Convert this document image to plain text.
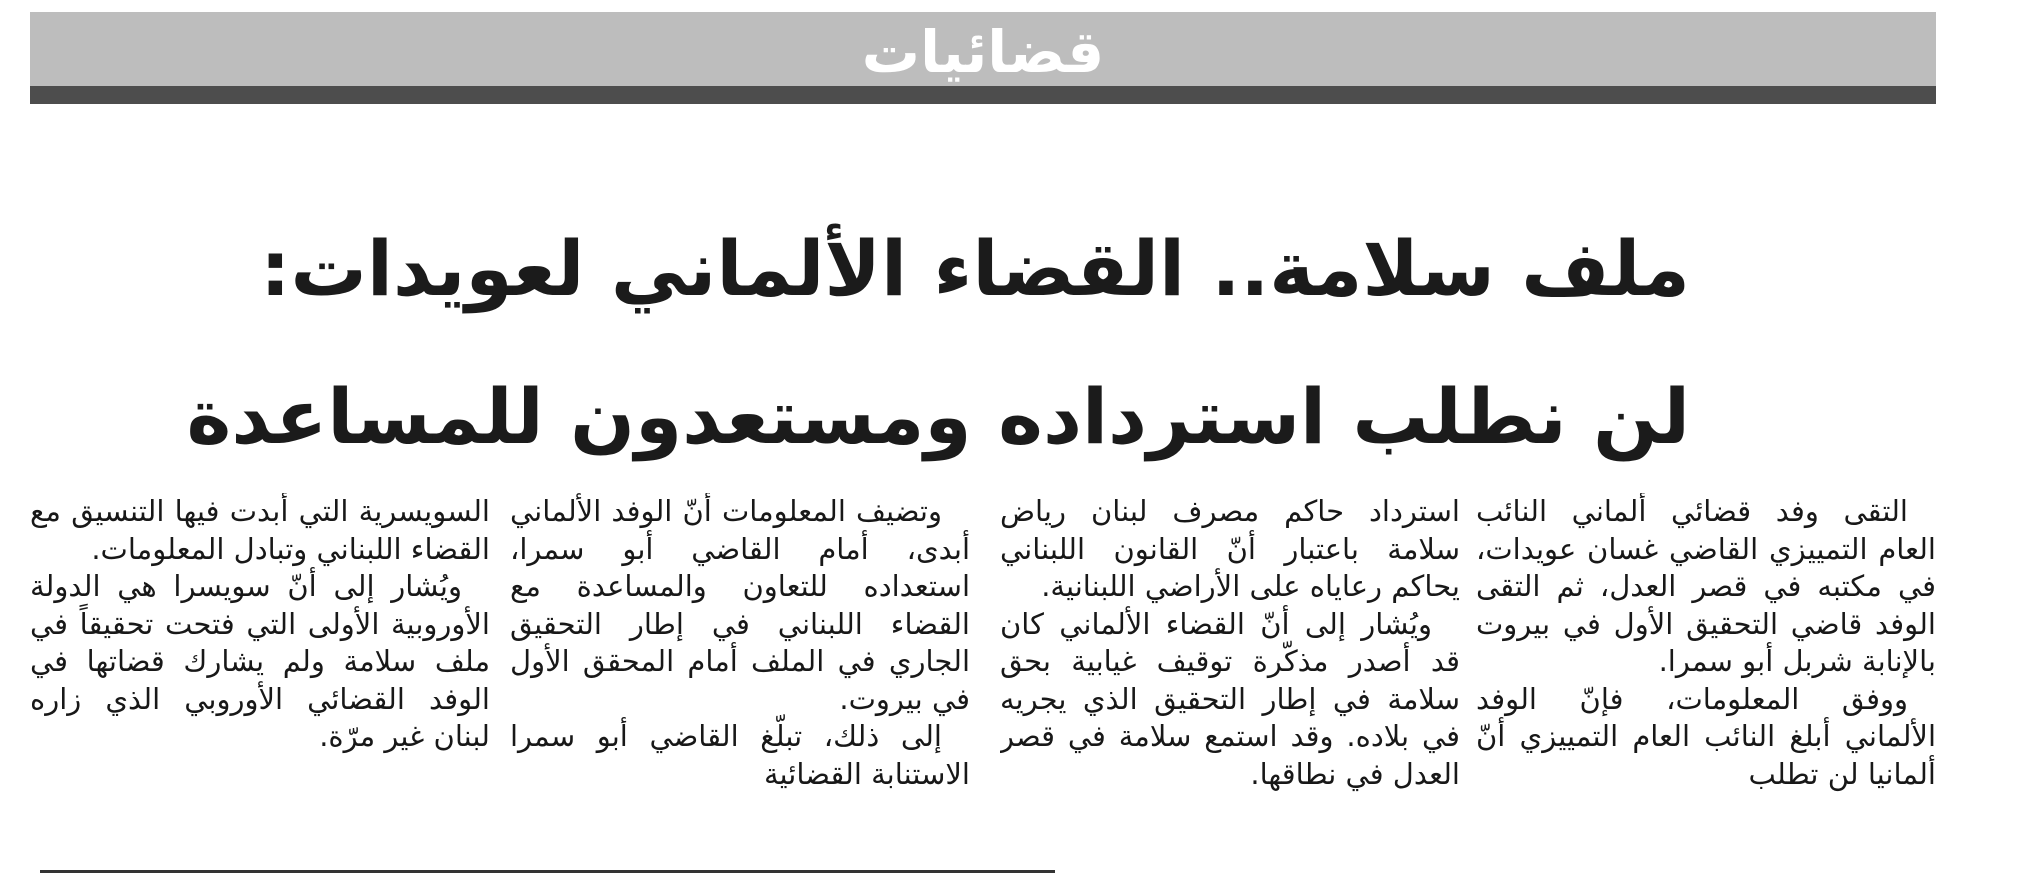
قضائيات
ملف سلامة.. القضاء الألماني لعويدات:
لن نطلب استرداده ومستعدون للمساعدة

التقى وفد قضائي ألماني النائب العام التمييزي القاضي غسان عويدات، في مكتبه في قصر العدل، ثم التقى الوفد قاضي التحقيق الأول في بيروت بالإنابة شربل أبو سمرا.

ووفق المعلومات، فإنّ الوفد الألماني أبلغ النائب العام التمييزي أنّ ألمانيا لن تطلب

استرداد حاكم مصرف لبنان رياض سلامة باعتبار أنّ القانون اللبناني يحاكم رعاياه على الأراضي اللبنانية.

ويُشار إلى أنّ القضاء الألماني كان قد أصدر مذكّرة توقيف غيابية بحق سلامة في إطار التحقيق الذي يجريه في بلاده. وقد استمع سلامة في قصر العدل في نطاقها.

وتضيف المعلومات أنّ الوفد الألماني أبدى، أمام القاضي أبو سمرا، استعداده للتعاون والمساعدة مع القضاء اللبناني في إطار التحقيق الجاري في الملف أمام المحقق الأول في بيروت.

إلى ذلك، تبلّغ القاضي أبو سمرا الاستنابة القضائية

السويسرية التي أبدت فيها التنسيق مع القضاء اللبناني وتبادل المعلومات.

ويُشار إلى أنّ سويسرا هي الدولة الأوروبية الأولى التي فتحت تحقيقاً في ملف سلامة ولم يشارك قضاتها في الوفد القضائي الأوروبي الذي زاره لبنان غير مرّة.
